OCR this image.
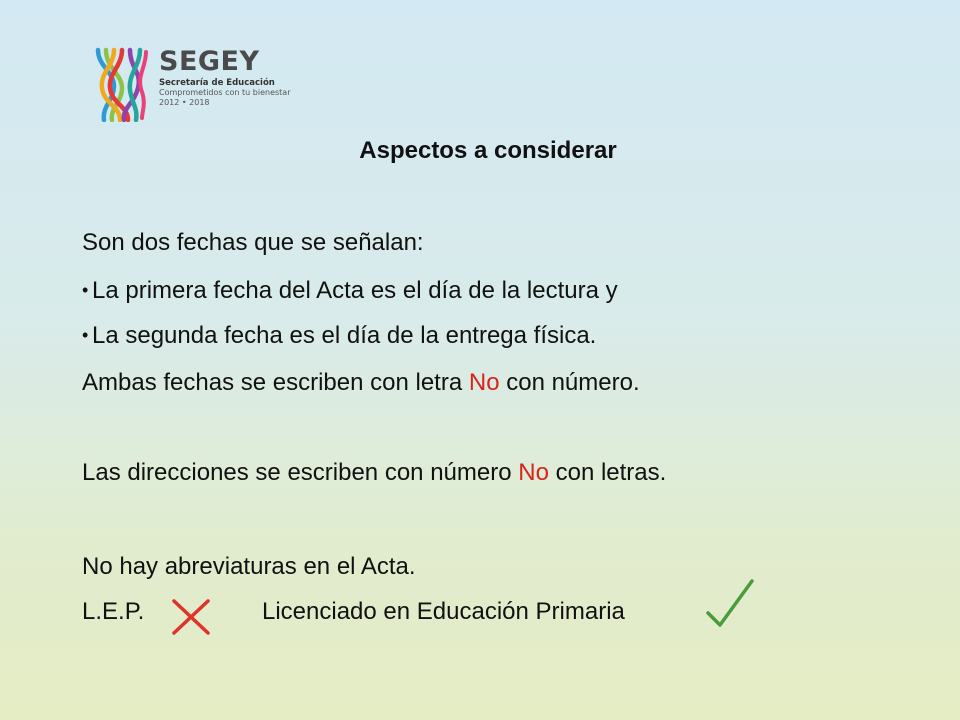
SEGEY
Secretaría de Educación
Comprometidos con tu bienestar
2012 • 2018
Aspectos a considerar
Son dos fechas que se señalan:
• La primera fecha del Acta es el día de la lectura y
• La segunda fecha es el día de la entrega física.
Ambas fechas se escriben con letra No con número.
Las direcciones se escriben con número No con letras.
No hay abreviaturas en el Acta.
L.E.P.	Licenciado en Educación Primaria
